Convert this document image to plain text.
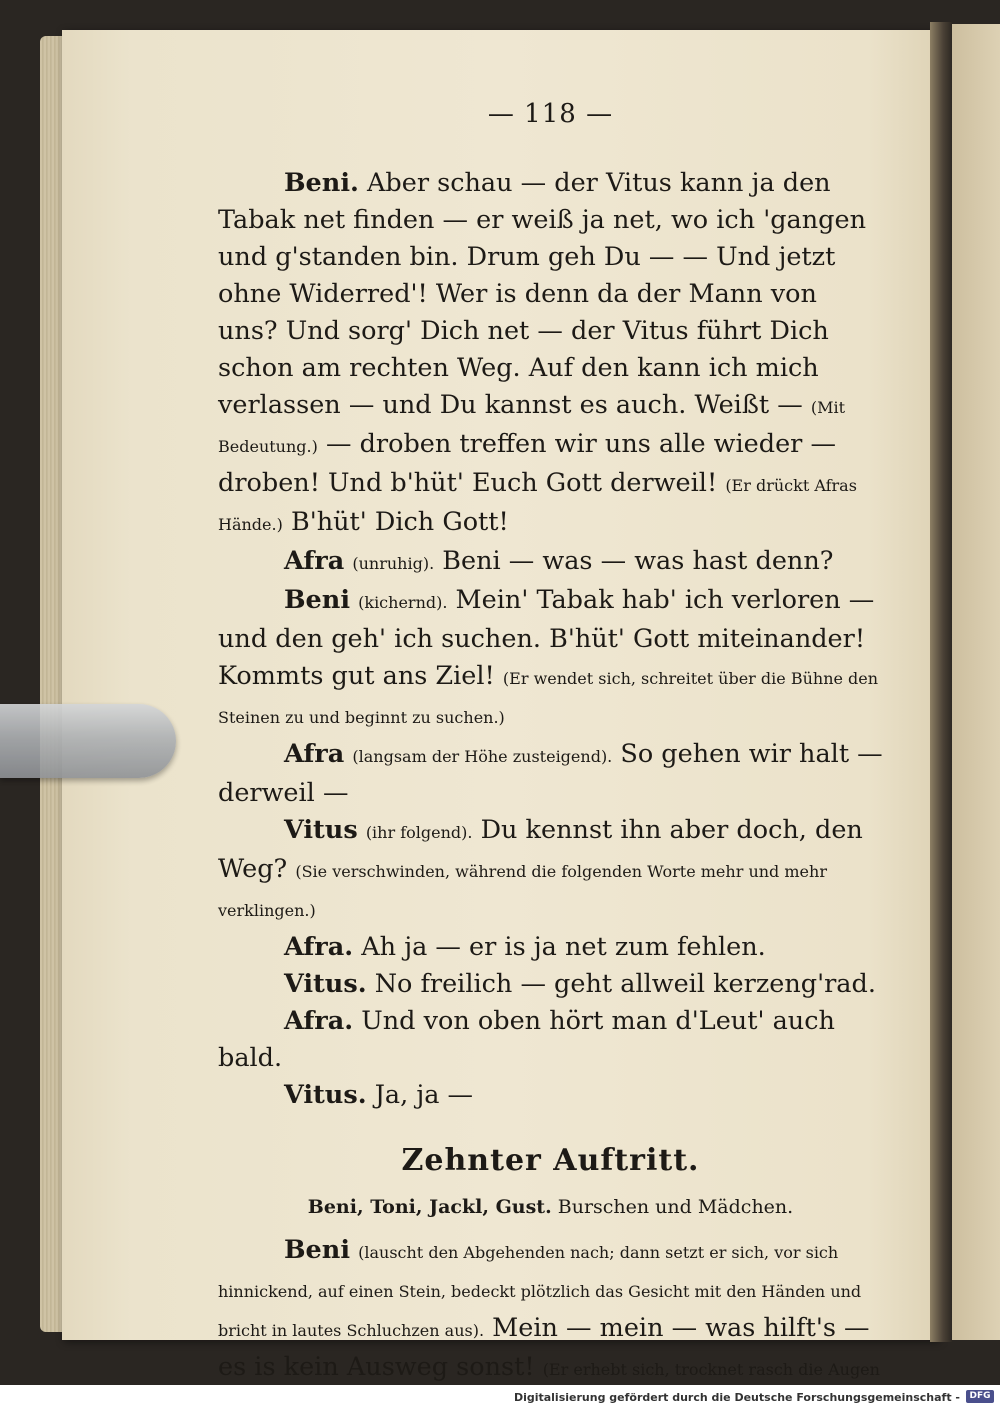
— 118 —

Beni. Aber schau — der Vitus kann ja den Tabak net finden — er weiß ja net, wo ich 'gangen und g'standen bin. Drum geh Du — — Und jetzt ohne Widerred'! Wer is denn da der Mann von uns? Und sorg' Dich net — der Vitus führt Dich schon am rechten Weg. Auf den kann ich mich verlassen — und Du kannst es auch. Weißt — (Mit Bedeutung.) — droben treffen wir uns alle wieder — droben! Und b'hüt' Euch Gott derweil! (Er drückt Afras Hände.) B'hüt' Dich Gott!

Afra (unruhig). Beni — was — was hast denn?

Beni (kichernd). Mein' Tabak hab' ich verloren — und den geh' ich suchen. B'hüt' Gott miteinander! Kommts gut ans Ziel! (Er wendet sich, schreitet über die Bühne den Steinen zu und beginnt zu suchen.)

Afra (langsam der Höhe zusteigend). So gehen wir halt — derweil —

Vitus (ihr folgend). Du kennst ihn aber doch, den Weg? (Sie verschwinden, während die folgenden Worte mehr und mehr verklingen.)

Afra. Ah ja — er is ja net zum fehlen.

Vitus. No freilich — geht allweil kerzeng'rad.

Afra. Und von oben hört man d'Leut' auch bald.

Vitus. Ja, ja —

Zehnter Auftritt.
Beni, Toni, Jackl, Gust. Burschen und Mädchen.

Beni (lauscht den Abgehenden nach; dann setzt er sich, vor sich hinnickend, auf einen Stein, bedeckt plötzlich das Gesicht mit den Händen und bricht in lautes Schluchzen aus). Mein — mein — was hilft's — es is kein Ausweg sonst! (Er erhebt sich, trocknet rasch die Augen

Digitalisierung gefördert durch die Deutsche Forschungsgemeinschaft -	DFG
